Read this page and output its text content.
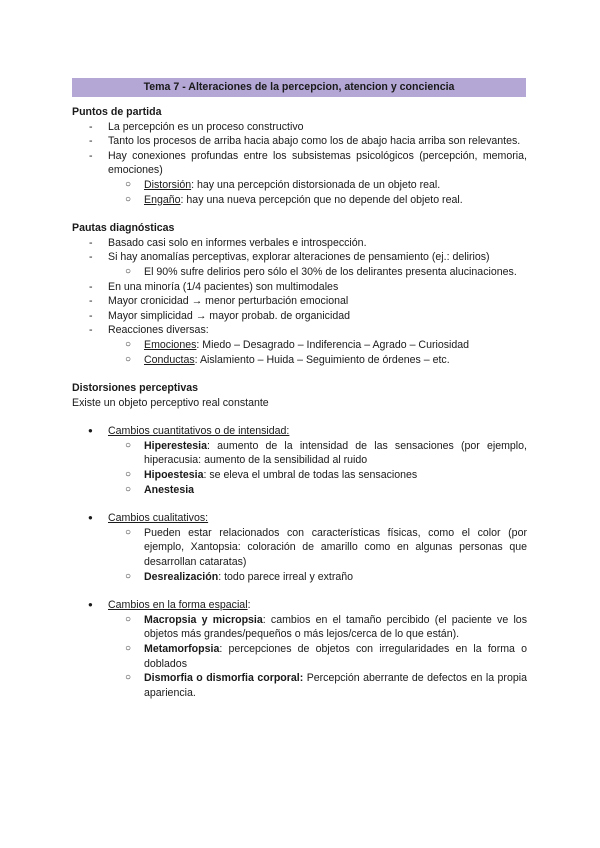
Tema 7 - Alteraciones de la percepcion, atencion y conciencia
Puntos de partida
- La percepción es un proceso constructivo
- Tanto los procesos de arriba hacia abajo como los de abajo hacia arriba son relevantes.
- Hay conexiones profundas entre los subsistemas psicológicos (percepción, memoria, emociones)
○ Distorsión: hay una percepción distorsionada de un objeto real.
○ Engaño: hay una nueva percepción que no depende del objeto real.
Pautas diagnósticas
- Basado casi solo en informes verbales e introspección.
- Si hay anomalías perceptivas, explorar alteraciones de pensamiento (ej.: delirios)
○ El 90% sufre delirios pero sólo el 30% de los delirantes presenta alucinaciones.
- En una minoría (1/4 pacientes) son multimodales
- Mayor cronicidad → menor perturbación emocional
- Mayor simplicidad → mayor probab. de organicidad
- Reacciones diversas:
○ Emociones: Miedo – Desagrado – Indiferencia – Agrado – Curiosidad
○ Conductas: Aislamiento – Huida – Seguimiento de órdenes – etc.
Distorsiones perceptivas

Existe un objeto perceptivo real constante

● Cambios cuantitativos o de intensidad:
○ Hiperestesia: aumento de la intensidad de las sensaciones (por ejemplo, hiperacusia: aumento de la sensibilidad al ruido
○ Hipoestesia: se eleva el umbral de todas las sensaciones
○ Anestesia
● Cambios cualitativos:
○ Pueden estar relacionados con características físicas, como el color (por ejemplo, Xantopsia: coloración de amarillo como en algunas personas que desarrollan cataratas)
○ Desrealización: todo parece irreal y extraño
● Cambios en la forma espacial:
○ Macropsia y micropsia: cambios en el tamaño percibido (el paciente ve los objetos más grandes/pequeños o más lejos/cerca de lo que están).
○ Metamorfopsia: percepciones de objetos con irregularidades en la forma o doblados
○ Dismorfia o dismorfia corporal: Percepción aberrante de defectos en la propia apariencia.
